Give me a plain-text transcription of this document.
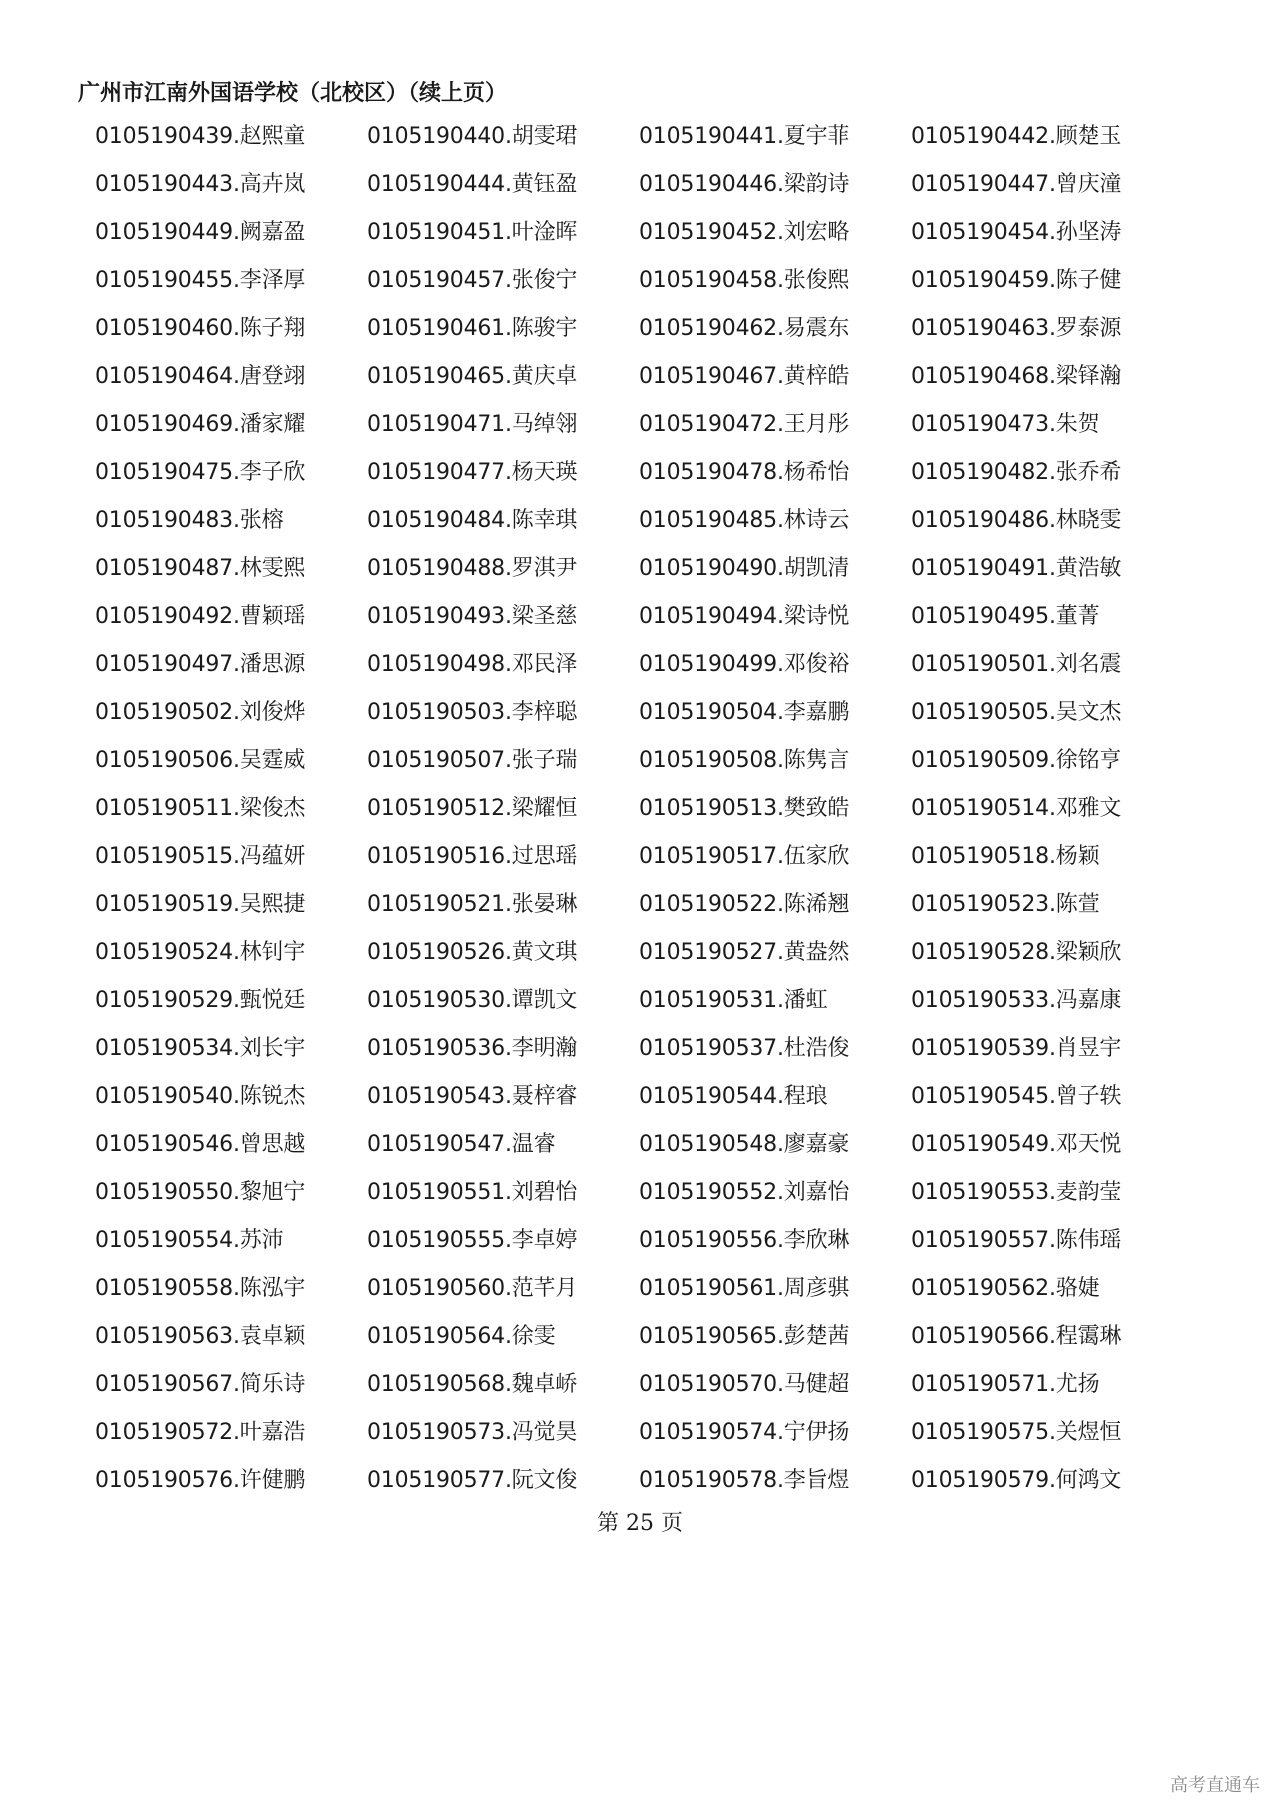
广州市江南外国语学校（北校区）（续上页）
0105190439.赵熙童	0105190440.胡雯珺	0105190441.夏宇菲	0105190442.顾楚玉
0105190443.高卉岚	0105190444.黄钰盈	0105190446.梁韵诗	0105190447.曾庆潼
0105190449.阙嘉盈	0105190451.叶淦晖	0105190452.刘宏略	0105190454.孙坚涛
0105190455.李泽厚	0105190457.张俊宁	0105190458.张俊熙	0105190459.陈子健
0105190460.陈子翔	0105190461.陈骏宇	0105190462.易震东	0105190463.罗泰源
0105190464.唐登翊	0105190465.黄庆卓	0105190467.黄梓皓	0105190468.梁铎瀚
0105190469.潘家耀	0105190471.马绰翎	0105190472.王月彤	0105190473.朱贺
0105190475.李子欣	0105190477.杨天瑛	0105190478.杨希怡	0105190482.张乔希
0105190483.张榕	0105190484.陈幸琪	0105190485.林诗云	0105190486.林晓雯
0105190487.林雯熙	0105190488.罗淇尹	0105190490.胡凯清	0105190491.黄浩敏
0105190492.曹颖瑶	0105190493.梁圣慈	0105190494.梁诗悦	0105190495.董菁
0105190497.潘思源	0105190498.邓民泽	0105190499.邓俊裕	0105190501.刘名震
0105190502.刘俊烨	0105190503.李梓聪	0105190504.李嘉鹏	0105190505.吴文杰
0105190506.吴霆威	0105190507.张子瑞	0105190508.陈隽言	0105190509.徐铭亨
0105190511.梁俊杰	0105190512.梁耀恒	0105190513.樊致皓	0105190514.邓雅文
0105190515.冯蕴妍	0105190516.过思瑶	0105190517.伍家欣	0105190518.杨颖
0105190519.吴熙捷	0105190521.张晏琳	0105190522.陈浠翘	0105190523.陈萱
0105190524.林钊宇	0105190526.黄文琪	0105190527.黄盎然	0105190528.梁颖欣
0105190529.甄悦廷	0105190530.谭凯文	0105190531.潘虹	0105190533.冯嘉康
0105190534.刘长宇	0105190536.李明瀚	0105190537.杜浩俊	0105190539.肖昱宇
0105190540.陈锐杰	0105190543.聂梓睿	0105190544.程琅	0105190545.曾子轶
0105190546.曾思越	0105190547.温睿	0105190548.廖嘉豪	0105190549.邓天悦
0105190550.黎旭宁	0105190551.刘碧怡	0105190552.刘嘉怡	0105190553.麦韵莹
0105190554.苏沛	0105190555.李卓婷	0105190556.李欣琳	0105190557.陈伟瑶
0105190558.陈泓宇	0105190560.范芊月	0105190561.周彦骐	0105190562.骆婕
0105190563.袁卓颖	0105190564.徐雯	0105190565.彭楚茜	0105190566.程霭琳
0105190567.简乐诗	0105190568.魏卓峤	0105190570.马健超	0105190571.尤扬
0105190572.叶嘉浩	0105190573.冯觉昊	0105190574.宁伊扬	0105190575.关煜恒
0105190576.许健鹏	0105190577.阮文俊	0105190578.李旨煜	0105190579.何鸿文
第 25 页
高考直通车
